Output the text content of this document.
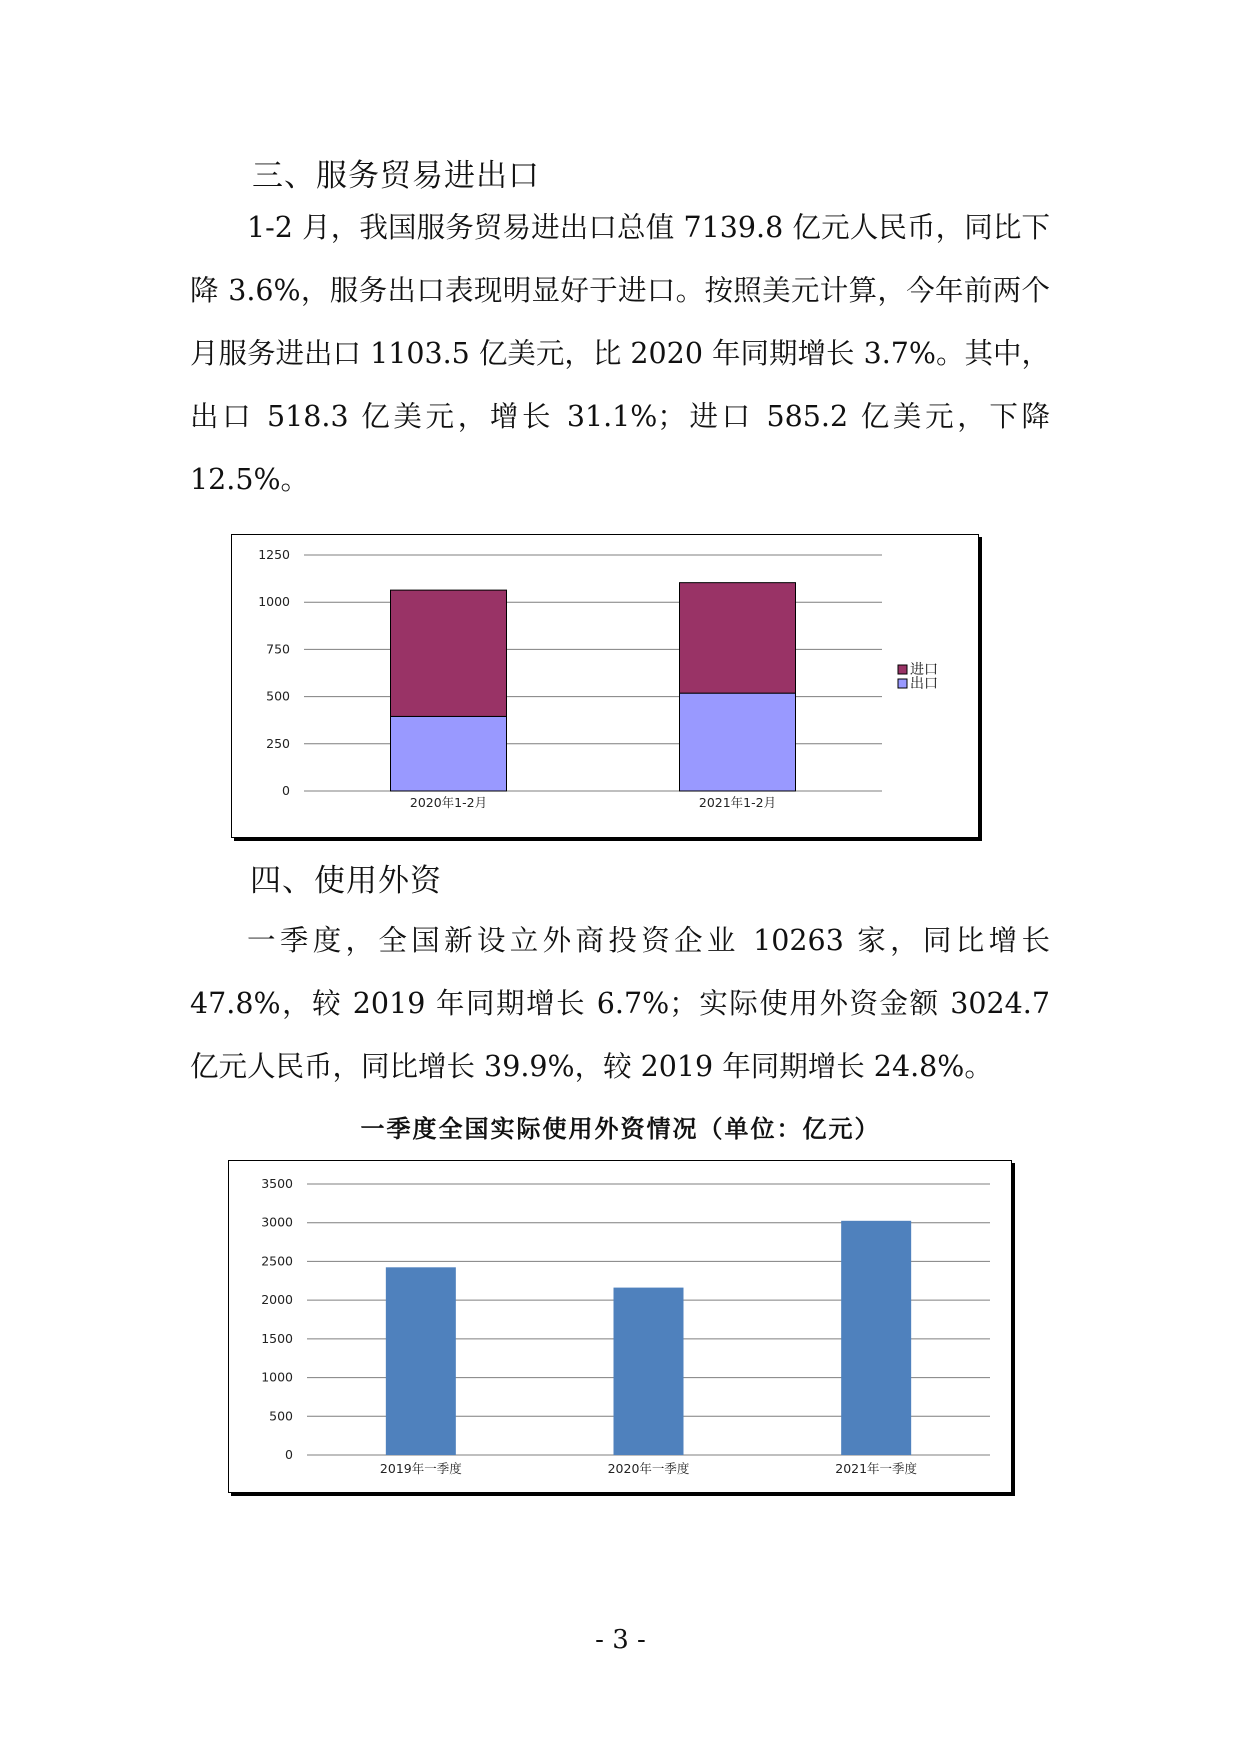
三、服务贸易进出口

1-2 月，我国服务贸易进出口总值 7139.8 亿元人民币，同比下降 3.6%，服务出口表现明显好于进口。按照美元计算，今年前两个月服务进出口 1103.5 亿美元，比 2020 年同期增长 3.7%。其中，出口 518.3 亿美元，增长 31.1%；进口 585.2 亿美元，下降 12.5%。

0
250
500
750
1000
1250
2020年1-2月	2021年1-2月
进口
出口
四、使用外资

一季度，全国新设立外商投资企业 10263 家，同比增长 47.8%，较 2019 年同期增长 6.7%；实际使用外资金额 3024.7 亿元人民币，同比增长 39.9%，较 2019 年同期增长 24.8%。

一季度全国实际使用外资情况（单位：亿元）
0
500
1000
1500
2000
2500
3000
3500
2019年一季度	2020年一季度	2021年一季度
- 3 -
